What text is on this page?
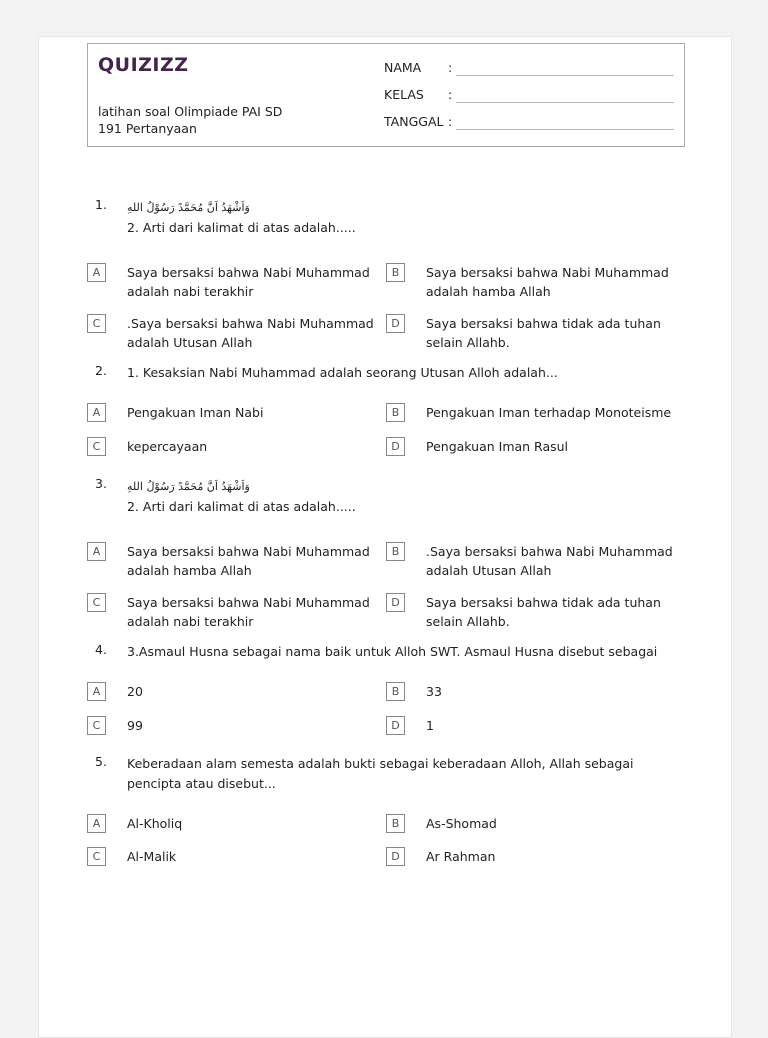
QUIZIZZ
latihan soal Olimpiade PAI SD
191 Pertanyaan
NAMA :
KELAS :
TANGGAL :
1. وَاَشْهَدُ اَنَّ مُحَمَّدً رَسُوْلُ اللهِ
2. Arti dari kalimat di atas adalah.....
A	Saya bersaksi bahwa Nabi Muhammad adalah nabi terakhir
B	Saya bersaksi bahwa Nabi Muhammad adalah hamba Allah
C	.Saya bersaksi bahwa Nabi Muhammad adalah Utusan Allah
D	Saya bersaksi bahwa tidak ada tuhan selain Allahb.
2. 1. Kesaksian Nabi Muhammad adalah seorang Utusan Alloh adalah...
A	Pengakuan Iman Nabi	B	Pengakuan Iman terhadap Monoteisme
C	kepercayaan	D	Pengakuan Iman Rasul
3. وَاَشْهَدُ اَنَّ مُحَمَّدً رَسُوْلُ اللهِ
2. Arti dari kalimat di atas adalah.....
A	Saya bersaksi bahwa Nabi Muhammad adalah hamba Allah
B	.Saya bersaksi bahwa Nabi Muhammad adalah Utusan Allah
C	Saya bersaksi bahwa Nabi Muhammad adalah nabi terakhir
D	Saya bersaksi bahwa tidak ada tuhan selain Allahb.
4. 3.Asmaul Husna sebagai nama baik untuk Alloh SWT. Asmaul Husna disebut sebagai
A	20	B	33
C	99	D	1
5. Keberadaan alam semesta adalah bukti sebagai keberadaan Alloh, Allah sebagai pencipta atau disebut...
A	Al-Kholiq	B	As-Shomad
C	Al-Malik	D	Ar Rahman
